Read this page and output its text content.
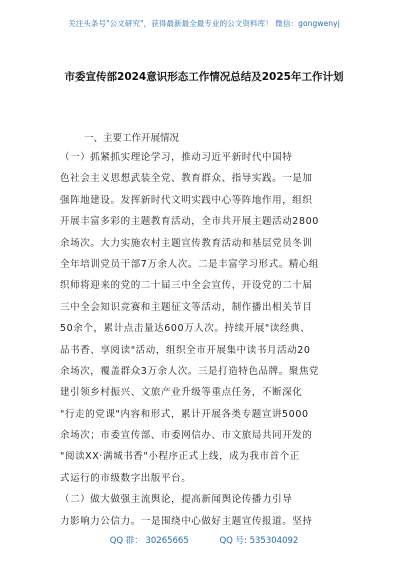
关注头条号"公文研究"，获得最新最全最专业的公文资料库！ 微信：gongwenyj
市委宣传部2024意识形态工作情况总结及2025年工作计划
一、主要工作开展情况
（一）抓紧抓实理论学习，推动习近平新时代中国特
色社会主义思想武装全党、教育群众、指导实践。一是加
强阵地建设。发挥新时代文明实践中心等阵地作用，组织
开展丰富多彩的主题教育活动，全市共开展主题活动2800
余场次。大力实施农村主题宣传教育活动和基层党员冬训
全年培训党员干部7万余人次。二是丰富学习形式。精心组
织师将迎来的党的二十届三中全会宣传，开设党的二十届
三中全会知识竞赛和主题征文等活动，制作播出相关节目
50余个，累计点击量达600万人次。持续开展"读经典、
品书香、享阅读"活动，组织全市开展集中读书月活动20
余场次，覆盖群众3万余人次。三是打造特色品牌。聚焦党
建引领乡村振兴、文旅产业升级等重点任务，不断深化
"行走的党课"内容和形式，累计开展各类专题宣讲5000
余场次；市委宣传部、市委网信办、市文旅局共同开发的
"阅读XX·满城书香"小程序正式上线，成为我市首个正
式运行的市级数字出版平台。
（二）做大做强主流舆论，提高新闻舆论传播力引导
力影响力公信力。一是围绕中心做好主题宣传报道。坚持
QQ 群： 30265665	QQ 号: 535304092
